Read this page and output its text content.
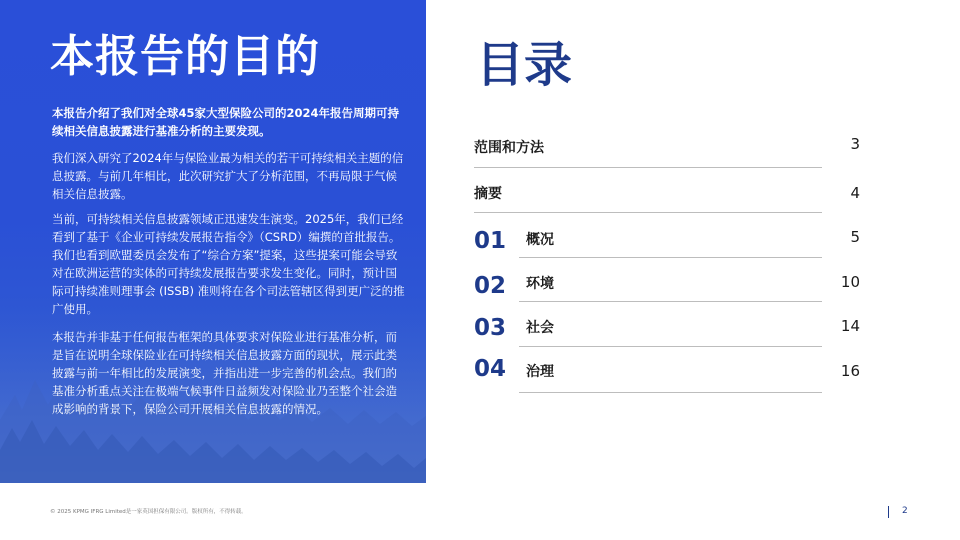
本报告的目的
本报告介绍了我们对全球45家大型保险公司的2024年报告周期可持续相关信息披露进行基准分析的主要发现。
我们深入研究了2024年与保险业最为相关的若干可持续相关主题的信息披露。与前几年相比，此次研究扩大了分析范围，不再局限于气候相关信息披露。
当前，可持续相关信息披露领域正迅速发生演变。2025年，我们已经看到了基于《企业可持续发展报告指令》（CSRD）编撰的首批报告。我们也看到欧盟委员会发布了“综合方案”提案，这些提案可能会导致对在欧洲运营的实体的可持续发展报告要求发生变化。同时，预计国际可持续准则理事会 (ISSB) 准则将在各个司法管辖区得到更广泛的推广使用。
本报告并非基于任何报告框架的具体要求对保险业进行基准分析，而是旨在说明全球保险业在可持续相关信息披露方面的现状，展示此类披露与前一年相比的发展演变，并指出进一步完善的机会点。我们的基准分析重点关注在极端气候事件日益频发对保险业乃至整个社会造成影响的背景下，保险公司开展相关信息披露的情况。
目录
范围和方法	3
摘要	4
01 概况	5
02 环境	10
03 社会	14
04 治理	16
© 2025 KPMG IFRG Limited是一家英国担保有限公司。版权所有，不得转载。	2
